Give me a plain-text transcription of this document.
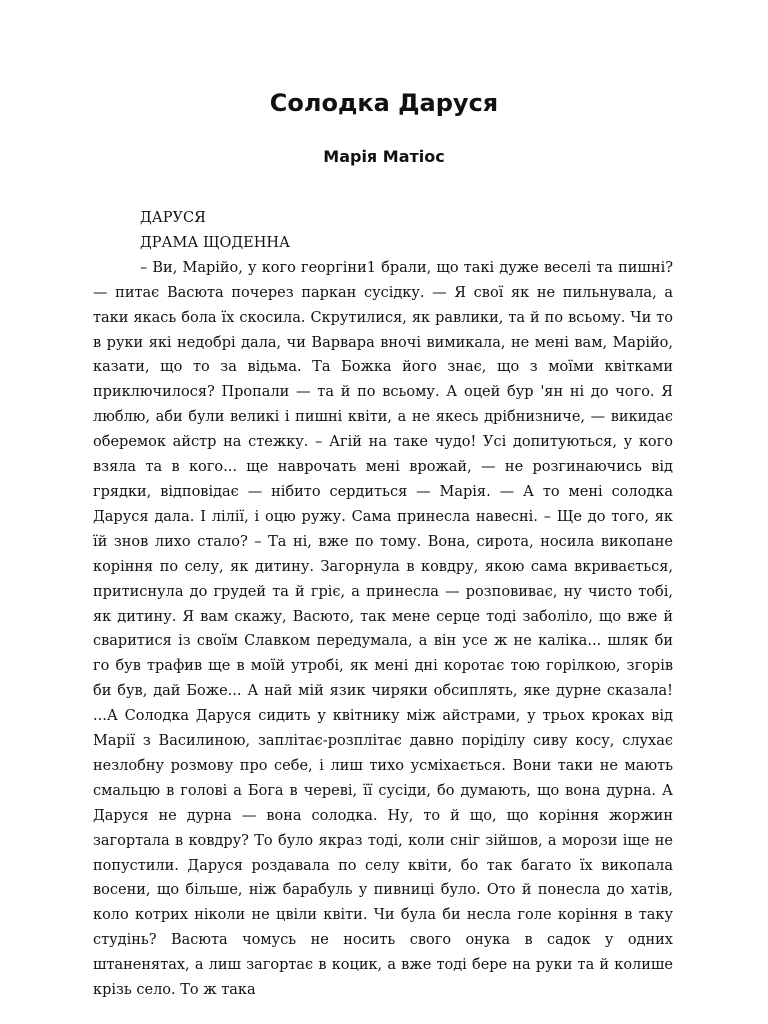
Солодка Даруся
Марія Матіос

ДАРУСЯ

ДРАМА ЩОДЕННА

– Ви, Марійо, у кого георгіни1 брали, що такі дуже веселі та пишні? — питає Васюта почерез паркан сусідку. — Я свої як не пильнувала, а таки якась бола їх скосила. Скрутилися, як равлики, та й по всьому. Чи то в руки які недобрі дала, чи Варвара вночі вимикала, не мені вам, Марійо, казати, що то за відьма. Та Божка його знає, що з моїми квітками приключилося? Пропали — та й по всьому. А оцей бур 'ян ні до чого. Я люблю, аби були великі і пишні квіти, а не якесь дрібнизниче, — викидає оберемок айстр на стежку. – Агій на таке чудо! Усі допитуються, у кого взяла та в кого... ще наврочать мені врожай, — не розгинаючись від грядки, відповідає — нібито сердиться — Марія. — А то мені солодка Даруся дала. І лілії, і оцю ружу. Сама принесла навесні. – Ще до того, як їй знов лихо стало? – Та ні, вже по тому. Вона, сирота, носила викопане коріння по селу, як дитину. Загорнула в ковдру, якою сама вкривається, притиснула до грудей та й гріє, а принесла — розповиває, ну чисто тобі, як дитину. Я вам скажу, Васюто, так мене серце тоді заболіло, що вже й сваритися із своїм Славком передумала, а він усе ж не каліка... шляк би го був трафив ще в моїй утробі, як мені дні коротає тою горілкою, згорів би був, дай Боже... А най мій язик чиряки обсиплять, яке дурне сказала! ...А Солодка Даруся сидить у квітнику між айстрами, у трьох кроках від Марії з Василиною, заплітає-розплітає давно поріділу сиву косу, слухає незлобну розмову про себе, і лиш тихо усміхається. Вони таки не мають смальцю в голові а Бога в череві, її сусіди, бо думають, що вона дурна. А Даруся не дурна — вона солодка. Ну, то й що, що коріння жоржин загортала в ковдру? То було якраз тоді, коли сніг зійшов, а морози іще не попустили. Даруся роздавала по селу квіти, бо так багато їх викопала восени, що більше, ніж барабуль у пивниці було. Ото й понесла до хатів, коло котрих ніколи не цвіли квіти. Чи була би несла голе коріння в таку студінь? Васюта чомусь не носить свого онука в садок у одних штаненятах, а лиш загортає в коцик, а вже тоді бере на руки та й колише крізь село. То ж така
